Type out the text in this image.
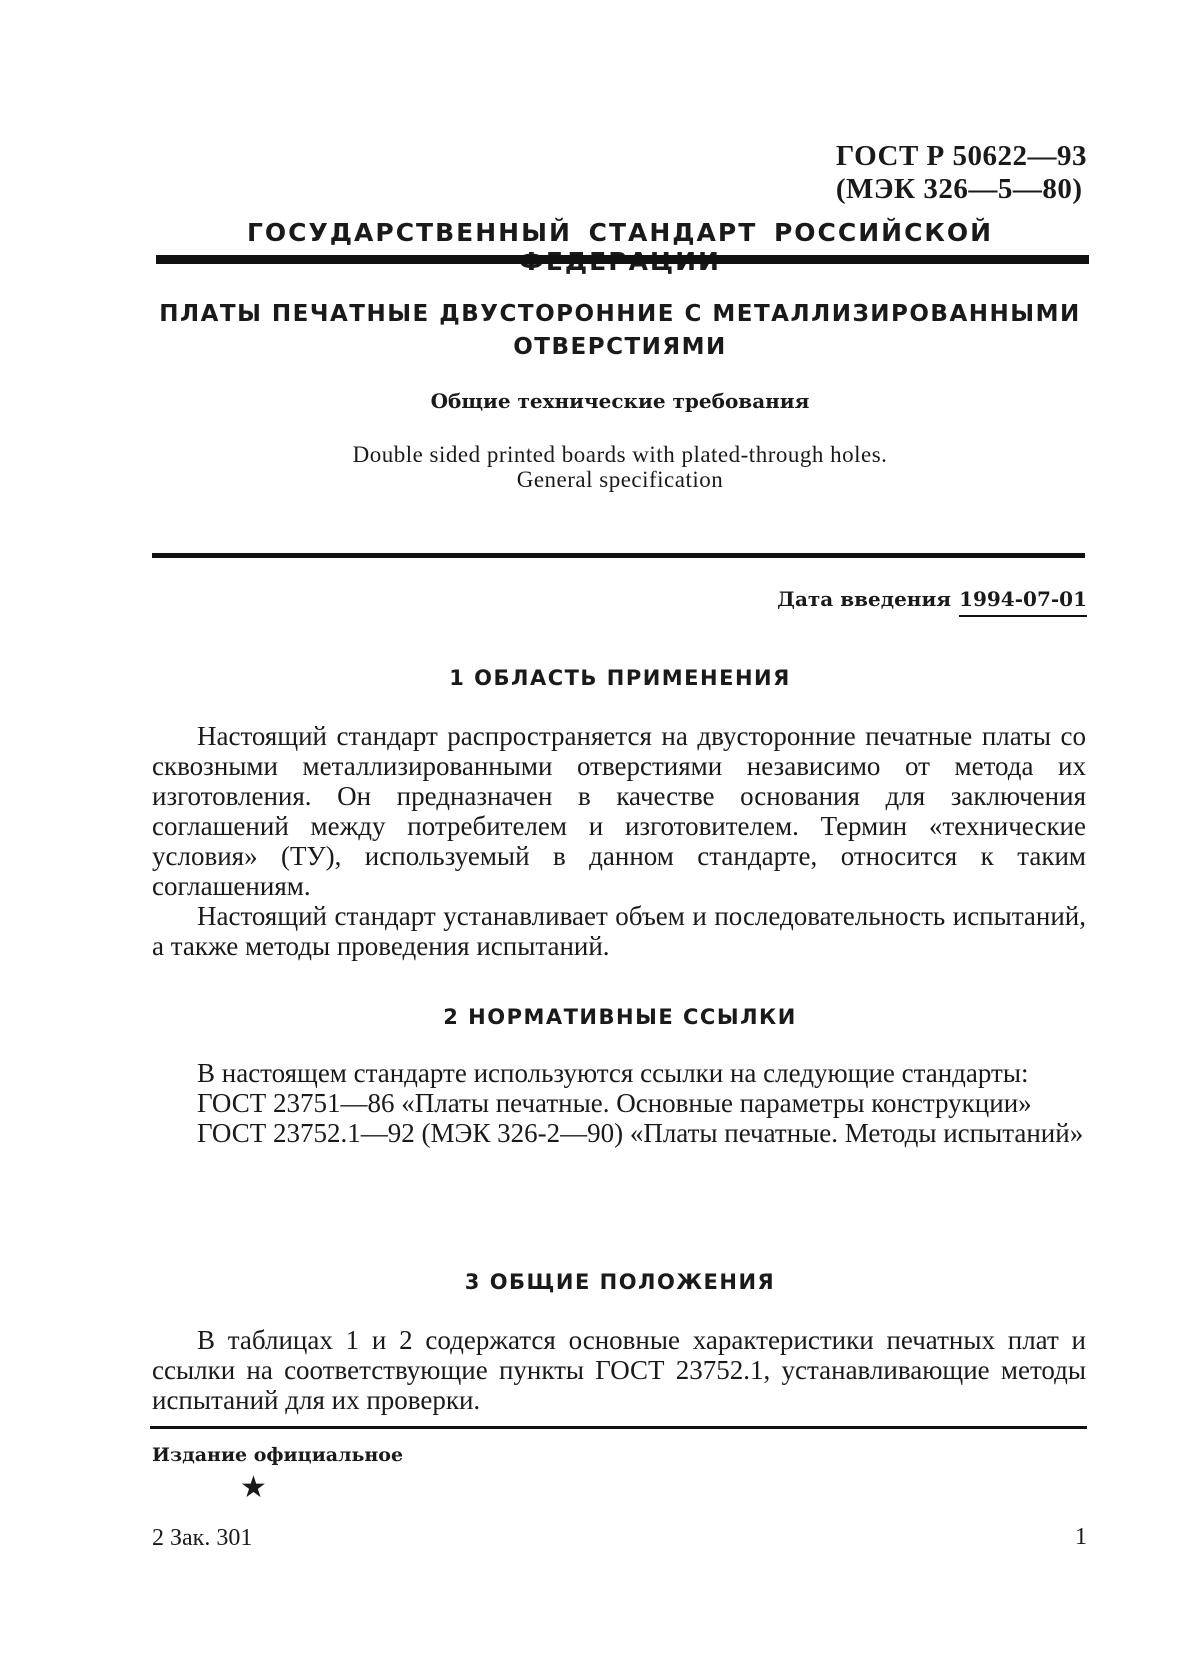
ГОСТ Р 50622—93
(МЭК 326—5—80)
ГОСУДАРСТВЕННЫЙ СТАНДАРТ РОССИЙСКОЙ
ПЛАТЫ ПЕЧАТНЫЕ ДВУСТОРОННИЕ С МЕТАЛЛИЗИРОВАННЫМИ
ОТВЕРСТИЯМИ
Общие технические требования
Double sided printed boards with plated-through holes.
General specification
Дата введения 1994-07-01
1 ОБЛАСТЬ ПРИМЕНЕНИЯ

Настоящий стандарт распространяется на двусторонние печатные платы со сквозными металлизированными отверстиями независимо от метода их изготовления. Он предназначен в качестве основания для заключения соглашений между потребителем и изготовителем. Термин «технические условия» (ТУ), используемый в данном стандарте, относится к таким соглашениям.

Настоящий стандарт устанавливает объем и последовательность испытаний, а также методы проведения испытаний.

2 НОРМАТИВНЫЕ ССЫЛКИ

В настоящем стандарте используются ссылки на следующие стандарты:

ГОСТ 23751—86 «Платы печатные. Основные параметры конструкции»

ГОСТ 23752.1—92 (МЭК 326-2—90) «Платы печатные. Методы испытаний»

3 ОБЩИЕ ПОЛОЖЕНИЯ

В таблицах 1 и 2 содержатся основные характеристики печатных плат и ссылки на соответствующие пункты ГОСТ 23752.1, устанавливающие методы испытаний для их проверки.

Издание официальное
★
2 Зак. 301	1
